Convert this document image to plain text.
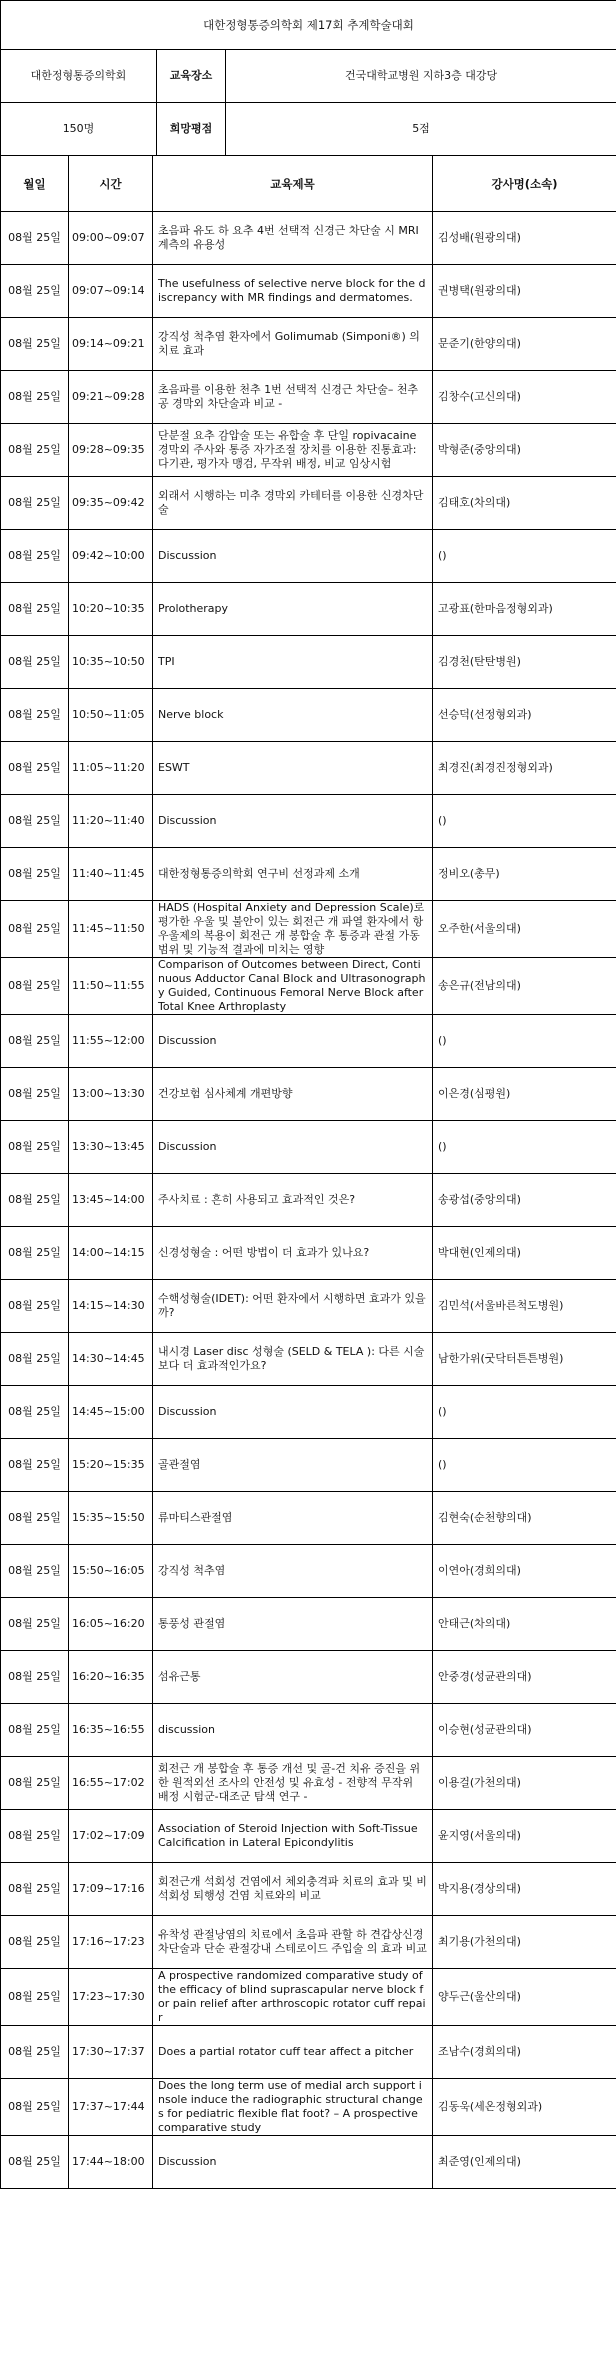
대한정형통증의학회 제17회 추계학술대회		
대한정형통증의학회	교육장소	건국대학교병원 지하3층 대강당
150명	희망평점	5점
월일	시간	교육제목	강사명(소속)
08월 25일	09:00~09:07	초음파 유도 하 요추 4번 선택적 신경근 차단술 시 MRI 계측의 유용성	김성배(원광의대)
08월 25일	09:07~09:14	The usefulness of selective nerve block for the discrepancy with MR findings and dermatomes.	권병택(원광의대)
08월 25일	09:14~09:21	강직성 척추염 환자에서 Golimumab (Simponi®) 의 치료 효과	문준기(한양의대)
08월 25일	09:21~09:28	초음파를 이용한 천추 1번 선택적 신경근 차단술– 천추공 경막외 차단술과 비교 -	김창수(고신의대)
08월 25일	09:28~09:35	단분절 요추 감압술 또는 유합술 후 단일 ropivacaine 경막외 주사와 통증 자가조절 장치를 이용한 진통효과: 다기관, 평가자 맹검, 무작위 배정, 비교 임상시험	박형준(중앙의대)
08월 25일	09:35~09:42	외래서 시행하는 미추 경막외 카테터를 이용한 신경차단술	김태호(차의대)
08월 25일	09:42~10:00	Discussion	()
08월 25일	10:20~10:35	Prolotherapy	고광표(한마음정형외과)
08월 25일	10:35~10:50	TPI	김경천(탄탄병원)
08월 25일	10:50~11:05	Nerve block	선승덕(선정형외과)
08월 25일	11:05~11:20	ESWT	최경진(최경진정형외과)
08월 25일	11:20~11:40	Discussion	()
08월 25일	11:40~11:45	대한정형통증의학회 연구비 선정과제 소개	정비오(총무)
08월 25일	11:45~11:50	HADS (Hospital Anxiety and Depression Scale)로 평가한 우울 및 불안이 있는 회전근 개 파열 환자에서 항우울제의 복용이 회전근 개 봉합술 후 통증과 관절 가동범위 및 기능적 결과에 미치는 영향	오주한(서울의대)
08월 25일	11:50~11:55	Comparison of Outcomes between Direct, Continuous Adductor Canal Block and Ultrasonography Guided, Continuous Femoral Nerve Block after Total Knee Arthroplasty	송은규(전남의대)
08월 25일	11:55~12:00	Discussion	()
08월 25일	13:00~13:30	건강보험 심사체계 개편방향	이은경(심평원)
08월 25일	13:30~13:45	Discussion	()
08월 25일	13:45~14:00	주사치료 : 흔히 사용되고 효과적인 것은?	송광섭(중앙의대)
08월 25일	14:00~14:15	신경성형술 : 어떤 방법이 더 효과가 있나요?	박대현(인제의대)
08월 25일	14:15~14:30	수핵성형술(IDET): 어떤 환자에서 시행하면 효과가 있을까?	김민석(서울바른척도병원)
08월 25일	14:30~14:45	내시경 Laser disc 성형술 (SELD & TELA ): 다른 시술보다 더 효과적인가요?	남한가위(굿닥터튼튼병원)
08월 25일	14:45~15:00	Discussion	()
08월 25일	15:20~15:35	골관절염	()
08월 25일	15:35~15:50	류마티스관절염	김현숙(순천향의대)
08월 25일	15:50~16:05	강직성 척추염	이연아(경희의대)
08월 25일	16:05~16:20	통풍성 관절염	안태근(차의대)
08월 25일	16:20~16:35	섬유근통	안중경(성균관의대)
08월 25일	16:35~16:55	discussion	이승현(성균관의대)
08월 25일	16:55~17:02	회전근 개 봉합술 후 통증 개선 및 골-건 치유 증진을 위한 원적외선 조사의 안전성 및 유효성 - 전향적 무작위 배정 시험군-대조군 탐색 연구 -	이용걸(가천의대)
08월 25일	17:02~17:09	Association of Steroid Injection with Soft-Tissue Calcification in Lateral Epicondylitis	윤지영(서울의대)
08월 25일	17:09~17:16	회전근개 석회성 건염에서 체외충격파 치료의 효과 및 비석회성 퇴행성 건염 치료와의 비교	박지용(경상의대)
08월 25일	17:16~17:23	유착성 관절낭염의 치료에서 초음파 관할 하 견갑상신경 차단술과 단순 관절강내 스테로이드 주입술 의 효과 비교	최기용(가천의대)
08월 25일	17:23~17:30	A prospective randomized comparative study of the efficacy of blind suprascapular nerve block for pain relief after arthroscopic rotator cuff repair	양두근(울산의대)
08월 25일	17:30~17:37	Does a partial rotator cuff tear affect a pitcher	조남수(경희의대)
08월 25일	17:37~17:44	Does the long term use of medial arch support insole induce the radiographic structural changes for pediatric flexible flat foot? – A prospective comparative study	김동욱(세온정형외과)
08월 25일	17:44~18:00	Discussion	최준영(인제의대)
